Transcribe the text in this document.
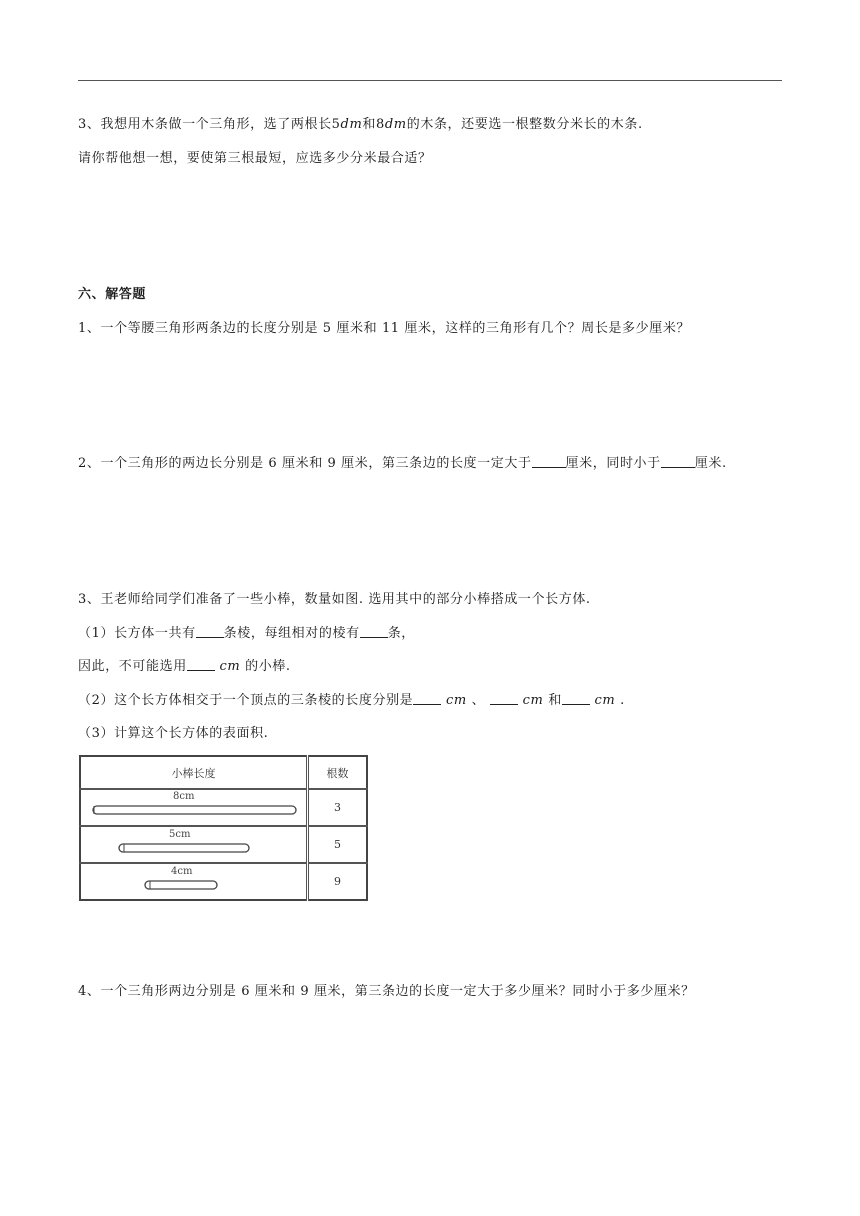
3、我想用木条做一个三角形，选了两根长5dm和8dm的木条，还要选一根整数分米长的木条.
请你帮他想一想，要使第三根最短，应选多少分米最合适？
六、解答题
1、一个等腰三角形两条边的长度分别是 5 厘米和 11 厘米，这样的三角形有几个？周长是多少厘米？
2、一个三角形的两边长分别是 6 厘米和 9 厘米，第三条边的长度一定大于	厘米，同时小于	厘米.
3、王老师给同学们准备了一些小棒，数量如图. 选用其中的部分小棒搭成一个长方体.
（1）长方体一共有 条棱，每组相对的棱有 条，
因此，不可能选用	cm 的小棒.
（2）这个长方体相交于一个顶点的三条棱的长度分别是	cm 、	cm 和	cm .
（3）计算这个长方体的表面积.
小棒长度	根数

8cm	3

5cm	5

4cm	9
4、一个三角形两边分别是 6 厘米和 9 厘米，第三条边的长度一定大于多少厘米？同时小于多少厘米？
